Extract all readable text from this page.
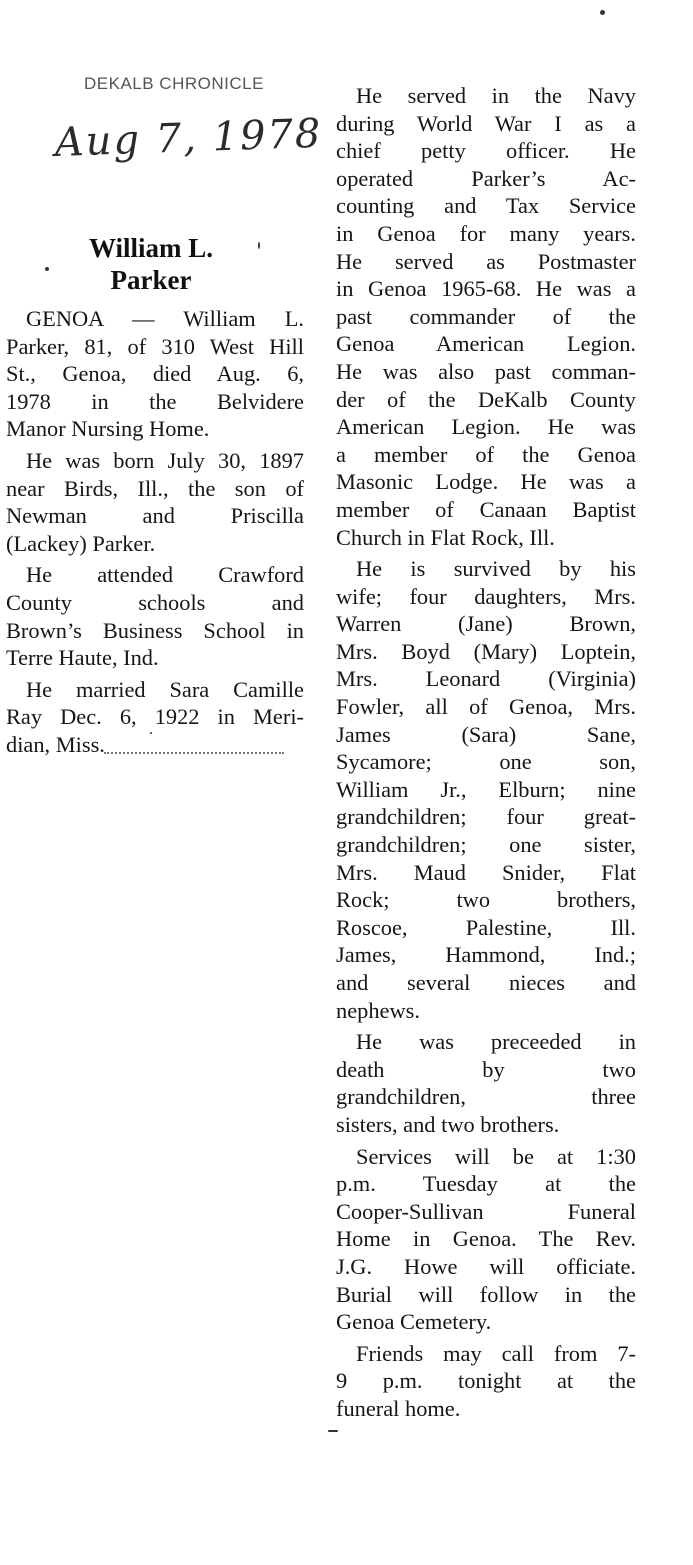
DEKALB CHRONICLE
Aug 7, 1978
William L.
Parker

GENOA — William L.
Parker, 81, of 310 West Hill
St., Genoa, died Aug. 6,
1978 in the Belvidere
Manor Nursing Home.

He was born July 30, 1897
near Birds, Ill., the son of
Newman and Priscilla
(Lackey) Parker.

He attended Crawford
County schools and
Brown’s Business School in
Terre Haute, Ind.

He married Sara Camille
Ray Dec. 6, 1922 in Meri-
dian, Miss.

He served in the Navy
during World War I as a
chief petty officer. He
operated Parker’s Ac-
counting and Tax Service
in Genoa for many years.
He served as Postmaster
in Genoa 1965-68. He was a
past commander of the
Genoa American Legion.
He was also past comman-
der of the DeKalb County
American Legion. He was
a member of the Genoa
Masonic Lodge. He was a
member of Canaan Baptist
Church in Flat Rock, Ill.

He is survived by his
wife; four daughters, Mrs.
Warren (Jane) Brown,
Mrs. Boyd (Mary) Loptein,
Mrs. Leonard (Virginia)
Fowler, all of Genoa, Mrs.
James (Sara) Sane,
Sycamore; one son,
William Jr., Elburn; nine
grandchildren; four great-
grandchildren; one sister,
Mrs. Maud Snider, Flat
Rock; two brothers,
Roscoe, Palestine, Ill.
James, Hammond, Ind.;
and several nieces and
nephews.

He was preceeded in
death by two
grandchildren, three
sisters, and two brothers.

Services will be at 1:30
p.m. Tuesday at the
Cooper-Sullivan Funeral
Home in Genoa. The Rev.
J.G. Howe will officiate.
Burial will follow in the
Genoa Cemetery.

Friends may call from 7-
9 p.m. tonight at the
funeral home.
